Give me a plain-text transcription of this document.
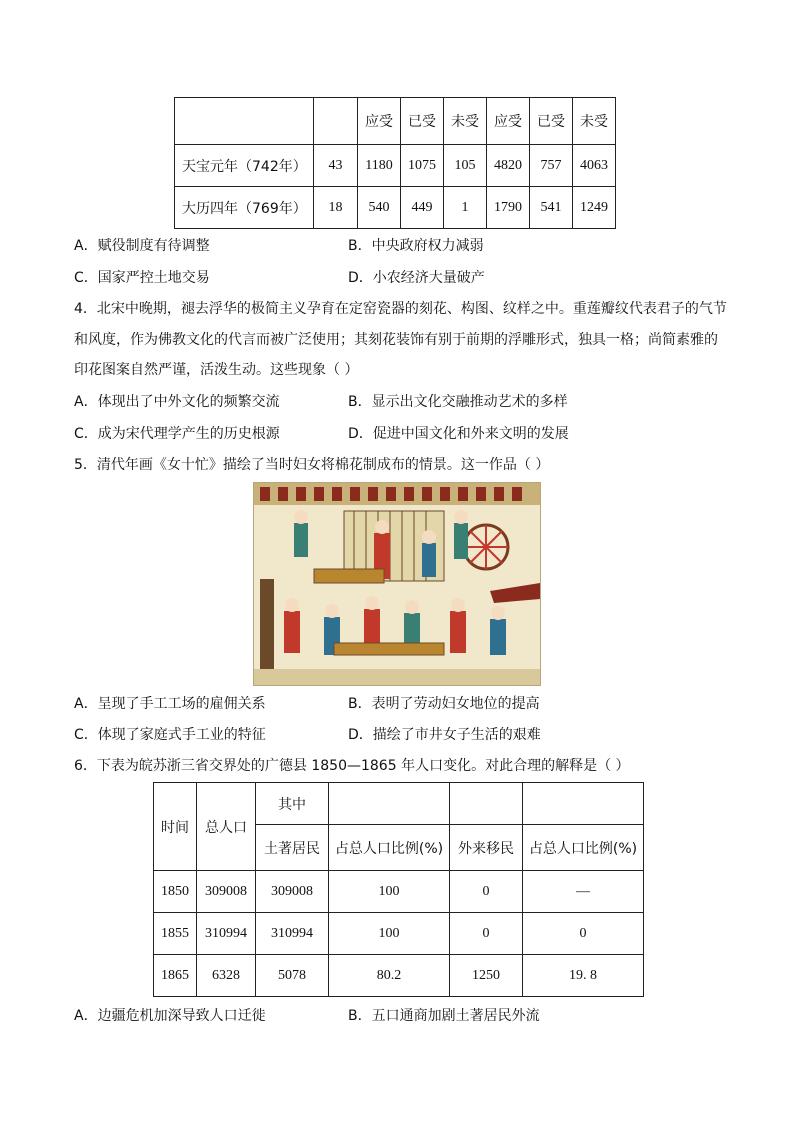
		应受	已受	未受	应受	已受	未受
天宝元年（742年）	43	1180	1075	105	4820	757	4063
大历四年（769年）	18	540	449	1	1790	541	1249
A．赋役制度有待调整	B．中央政府权力减弱
C．国家严控土地交易	D．小农经济大量破产
4．北宋中晚期，褪去浮华的极简主义孕育在定窑瓷器的刻花、构图、纹样之中。重莲瓣纹代表君子的气节
和风度，作为佛教文化的代言而被广泛使用；其刻花装饰有别于前期的浮雕形式，独具一格；尚简素雅的
印花图案自然严谨，活泼生动。这些现象（ ）
A．体现出了中外文化的频繁交流	B．显示出文化交融推动艺术的多样
C．成为宋代理学产生的历史根源	D．促进中国文化和外来文明的发展
5．清代年画《女十忙》描绘了当时妇女将棉花制成布的情景。这一作品（ ）
A．呈现了手工工场的雇佣关系	B．表明了劳动妇女地位的提高
C．体现了家庭式手工业的特征	D．描绘了市井女子生活的艰难
6．下表为皖苏浙三省交界处的广德县 1850—1865 年人口变化。对此合理的解释是（ ）
时间	总人口	其中			
		土著居民	占总人口比例(%)	外来移民	占总人口比例(%)
1850	309008	309008	100	0	—
1855	310994	310994	100	0	0
1865	6328	5078	80.2	1250	19. 8
A．边疆危机加深导致人口迁徙	B．五口通商加剧土著居民外流
